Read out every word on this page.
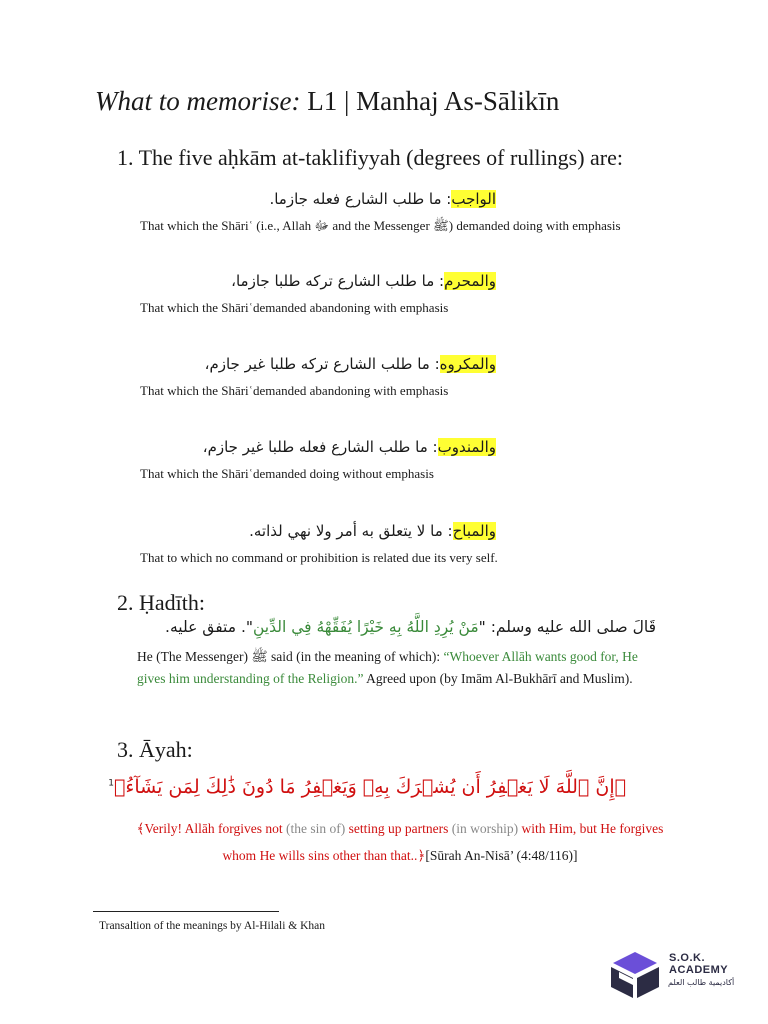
What to memorise: L1 | Manhaj As-Sālikīn
1. The five aḥkām at-taklifiyyah (degrees of rullings) are:
الواجب: ما طلب الشارع فعله جازما.
That which the Shāriʿ (i.e., Allah ﷻ and the Messenger ﷺ) demanded doing with emphasis
والمحرم: ما طلب الشارع تركه طلبا جازما،
That which the Shāriʿdemanded abandoning with emphasis
والمكروه: ما طلب الشارع تركه طلبا غير جازم،
That which the Shāriʿdemanded abandoning with emphasis
والمندوب: ما طلب الشارع فعله طلبا غير جازم،
That which the Shāriʿdemanded doing without emphasis
والمباح: ما لا يتعلق به أمر ولا نهي لذاته.
That to which no command or prohibition is related due its very self.
2. Ḥadīth:
قَالَ صلى الله عليه وسلم: "مَنْ يُرِدِ اللَّهُ بِهِ خَيْرًا يُفَقِّهْهُ فِي الدِّينِ". متفق عليه.
He (The Messenger) ﷺ said (in the meaning of which): “Whoever Allāh wants good for, He gives him understanding of the Religion.” Agreed upon (by Imām Al-Bukhārī and Muslim).
3. Āyah:
﴿إِنَّ ٱللَّهَ لَا يَغۡفِرُ أَن يُشۡرَكَ بِهِۦ وَيَغۡفِرُ مَا دُونَ ذَٰلِكَ لِمَن يَشَآءُ﴾$^1$
﴾Verily! Allāh forgives not (the sin of) setting up partners (in worship) with Him, but He forgives whom He wills sins other than that..﴿[Sūrah An-Nisā’ (4:48/116)]
Transaltion of the meanings by Al-Hilali & Khan
S.O.K.
ACADEMY
أكاديمية طالب العلم
